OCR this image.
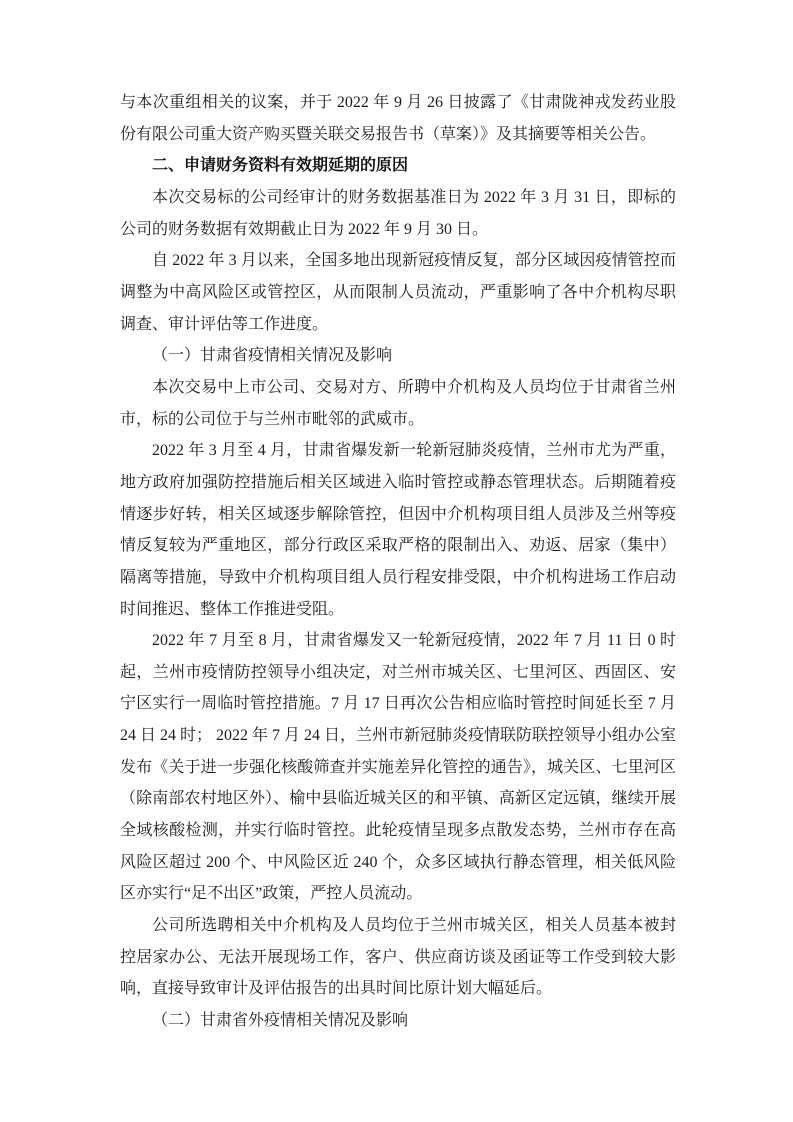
与本次重组相关的议案，并于 2022 年 9 月 26 日披露了《甘肃陇神戎发药业股份有限公司重大资产购买暨关联交易报告书（草案）》及其摘要等相关公告。

二、申请财务资料有效期延期的原因

本次交易标的公司经审计的财务数据基准日为 2022 年 3 月 31 日，即标的公司的财务数据有效期截止日为 2022 年 9 月 30 日。

自 2022 年 3 月以来，全国多地出现新冠疫情反复，部分区域因疫情管控而调整为中高风险区或管控区，从而限制人员流动，严重影响了各中介机构尽职调查、审计评估等工作进度。

（一）甘肃省疫情相关情况及影响

本次交易中上市公司、交易对方、所聘中介机构及人员均位于甘肃省兰州市，标的公司位于与兰州市毗邻的武威市。

2022 年 3 月至 4 月，甘肃省爆发新一轮新冠肺炎疫情，兰州市尤为严重，地方政府加强防控措施后相关区域进入临时管控或静态管理状态。后期随着疫情逐步好转，相关区域逐步解除管控，但因中介机构项目组人员涉及兰州等疫情反复较为严重地区，部分行政区采取严格的限制出入、劝返、居家（集中）隔离等措施，导致中介机构项目组人员行程安排受限，中介机构进场工作启动时间推迟、整体工作推进受阻。

2022 年 7 月至 8 月，甘肃省爆发又一轮新冠疫情，2022 年 7 月 11 日 0 时起，兰州市疫情防控领导小组决定，对兰州市城关区、七里河区、西固区、安宁区实行一周临时管控措施。7 月 17 日再次公告相应临时管控时间延长至 7 月 24 日 24 时； 2022 年 7 月 24 日，兰州市新冠肺炎疫情联防联控领导小组办公室发布《关于进一步强化核酸筛查并实施差异化管控的通告》，城关区、七里河区（除南部农村地区外）、榆中县临近城关区的和平镇、高新区定远镇，继续开展全域核酸检测，并实行临时管控。此轮疫情呈现多点散发态势，兰州市存在高风险区超过 200 个、中风险区近 240 个，众多区域执行静态管理，相关低风险区亦实行“足不出区”政策，严控人员流动。

公司所选聘相关中介机构及人员均位于兰州市城关区，相关人员基本被封控居家办公、无法开展现场工作，客户、供应商访谈及函证等工作受到较大影响，直接导致审计及评估报告的出具时间比原计划大幅延后。

（二）甘肃省外疫情相关情况及影响
